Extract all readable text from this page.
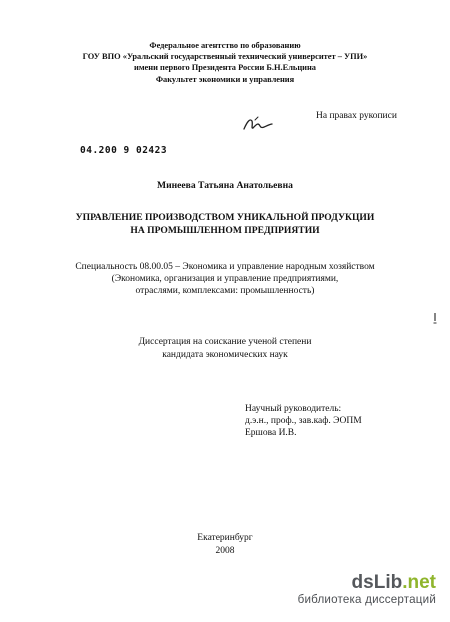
Федеральное агентство по образованию
ГОУ ВПО «Уральский государственный технический университет – УПИ»
имени первого Президента России Б.Н.Ельцина
Факультет экономики и управления
На правах рукописи
04.200 9 02423
Минеева Татьяна Анатольевна
УПРАВЛЕНИЕ ПРОИЗВОДСТВОМ УНИКАЛЬНОЙ ПРОДУКЦИИ
НА ПРОМЫШЛЕННОМ ПРЕДПРИЯТИИ
Специальность 08.00.05 – Экономика и управление народным хозяйством
(Экономика, организация и управление предприятиями,
отраслями, комплексами: промышленность)
Диссертация на соискание ученой степени
кандидата экономических наук
Научный руководитель:
д.э.н., проф., зав.каф. ЭОПМ
Ершова И.В.
Екатеринбург
2008
dsLib.net
библиотека диссертаций
